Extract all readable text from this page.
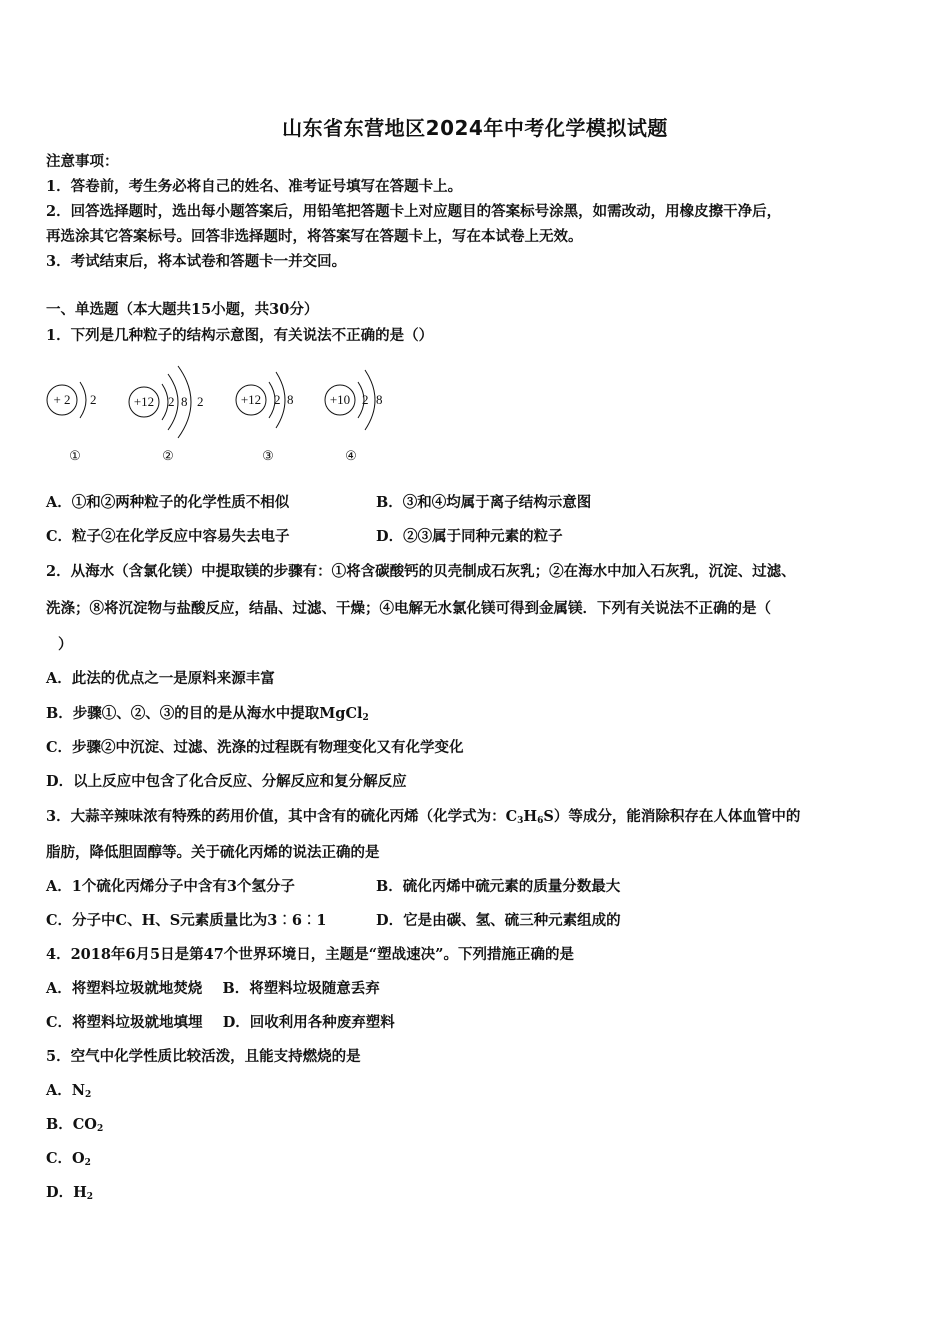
山东省东营地区2024年中考化学模拟试题
注意事项：
1．答卷前，考生务必将自己的姓名、准考证号填写在答题卡上。
2．回答选择题时，选出每小题答案后，用铅笔把答题卡上对应题目的答案标号涂黑，如需改动，用橡皮擦干净后，
再选涂其它答案标号。回答非选择题时，将答案写在答题卡上，写在本试卷上无效。
3．考试结束后，将本试卷和答题卡一并交回。
一、单选题（本大题共15小题，共30分）
1．下列是几种粒子的结构示意图，有关说法不正确的是（）
+ 2 2
①
+12 2 8 2
②
+12 2 8
③
+10 2 8
④
A．①和②两种粒子的化学性质不相似	B．③和④均属于离子结构示意图
C．粒子②在化学反应中容易失去电子	D．②③属于同种元素的粒子
2．从海水（含氯化镁）中提取镁的步骤有：①将含碳酸钙的贝壳制成石灰乳；②在海水中加入石灰乳，沉淀、过滤、
洗涤；⑧将沉淀物与盐酸反应，结晶、过滤、干燥；④电解无水氯化镁可得到金属镁．下列有关说法不正确的是（
）
A．此法的优点之一是原料来源丰富
B．步骤①、②、③的目的是从海水中提取MgCl$_2$
C．步骤②中沉淀、过滤、洗涤的过程既有物理变化又有化学变化
D．以上反应中包含了化合反应、分解反应和复分解反应
3．大蒜辛辣味浓有特殊的药用价值，其中含有的硫化丙烯（化学式为：$C_3H_6S$）等成分，能消除积存在人体血管中的
脂肪，降低胆固醇等。关于硫化丙烯的说法正确的是
A．1个硫化丙烯分子中含有3个氢分子	B．硫化丙烯中硫元素的质量分数最大
C．分子中C、H、S元素质量比为3︰6︰1	D．它是由碳、氢、硫三种元素组成的
4．2018年6月5日是第47个世界环境日，主题是“塑战速决”。下列措施正确的是
A．将塑料垃圾就地焚烧    B．将塑料垃圾随意丢弃
C．将塑料垃圾就地填埋    D．回收利用各种废弃塑料
5．空气中化学性质比较活泼，且能支持燃烧的是
A．$N_2$
B．$CO_2$
C．$O_2$
D．$H_2$
